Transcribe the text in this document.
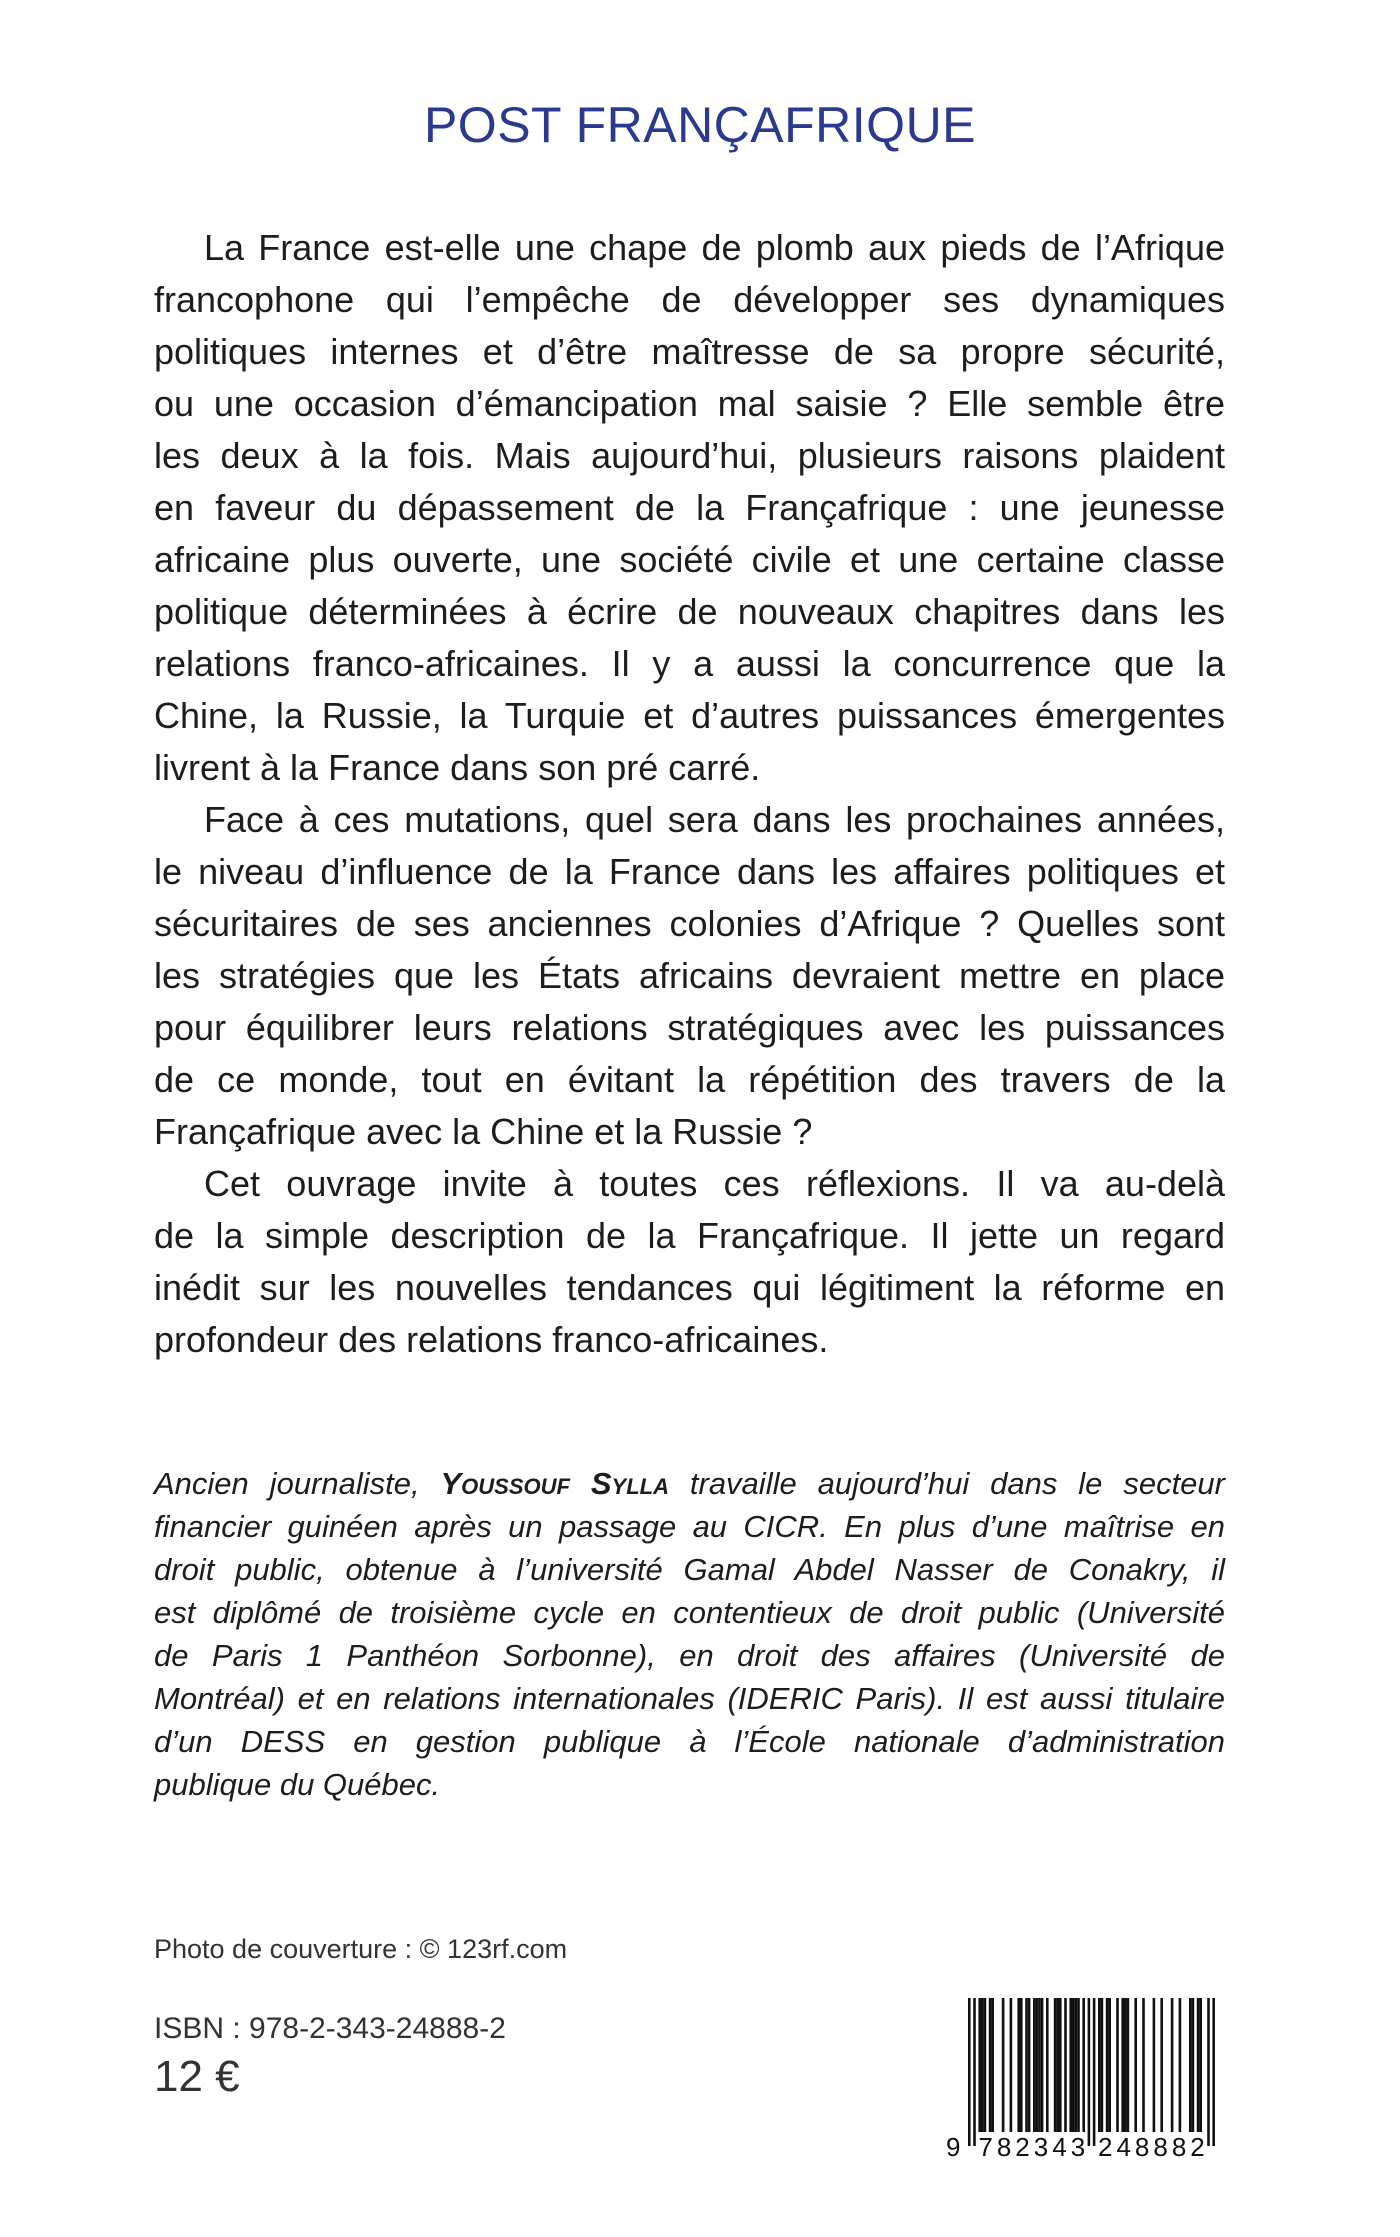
POST FRANÇAFRIQUE
La France est-elle une chape de plomb aux pieds de l’Afrique
francophone qui l’empêche de développer ses dynamiques
politiques internes et d’être maîtresse de sa propre sécurité,
ou une occasion d’émancipation mal saisie ? Elle semble être
les deux à la fois. Mais aujourd’hui, plusieurs raisons plaident
en faveur du dépassement de la Françafrique : une jeunesse
africaine plus ouverte, une société civile et une certaine classe
politique déterminées à écrire de nouveaux chapitres dans les
relations franco-africaines. Il y a aussi la concurrence que la
Chine, la Russie, la Turquie et d’autres puissances émergentes
livrent à la France dans son pré carré.
Face à ces mutations, quel sera dans les prochaines années,
le niveau d’influence de la France dans les affaires politiques et
sécuritaires de ses anciennes colonies d’Afrique ? Quelles sont
les stratégies que les États africains devraient mettre en place
pour équilibrer leurs relations stratégiques avec les puissances
de ce monde, tout en évitant la répétition des travers de la
Françafrique avec la Chine et la Russie ?
Cet ouvrage invite à toutes ces réflexions. Il va au-delà
de la simple description de la Françafrique. Il jette un regard
inédit sur les nouvelles tendances qui légitiment la réforme en
profondeur des relations franco-africaines.
Ancien journaliste, Youssouf Sylla travaille aujourd’hui dans le secteur
financier guinéen après un passage au CICR. En plus d’une maîtrise en
droit public, obtenue à l’université Gamal Abdel Nasser de Conakry, il
est diplômé de troisième cycle en contentieux de droit public (Université
de Paris 1 Panthéon Sorbonne), en droit des affaires (Université de
Montréal) et en relations internationales (IDERIC Paris). Il est aussi titulaire
d’un DESS en gestion publique à l’École nationale d’administration
publique du Québec.
Photo de couverture : © 123rf.com
ISBN : 978-2-343-24888-2
12 €
9 782343 248882
